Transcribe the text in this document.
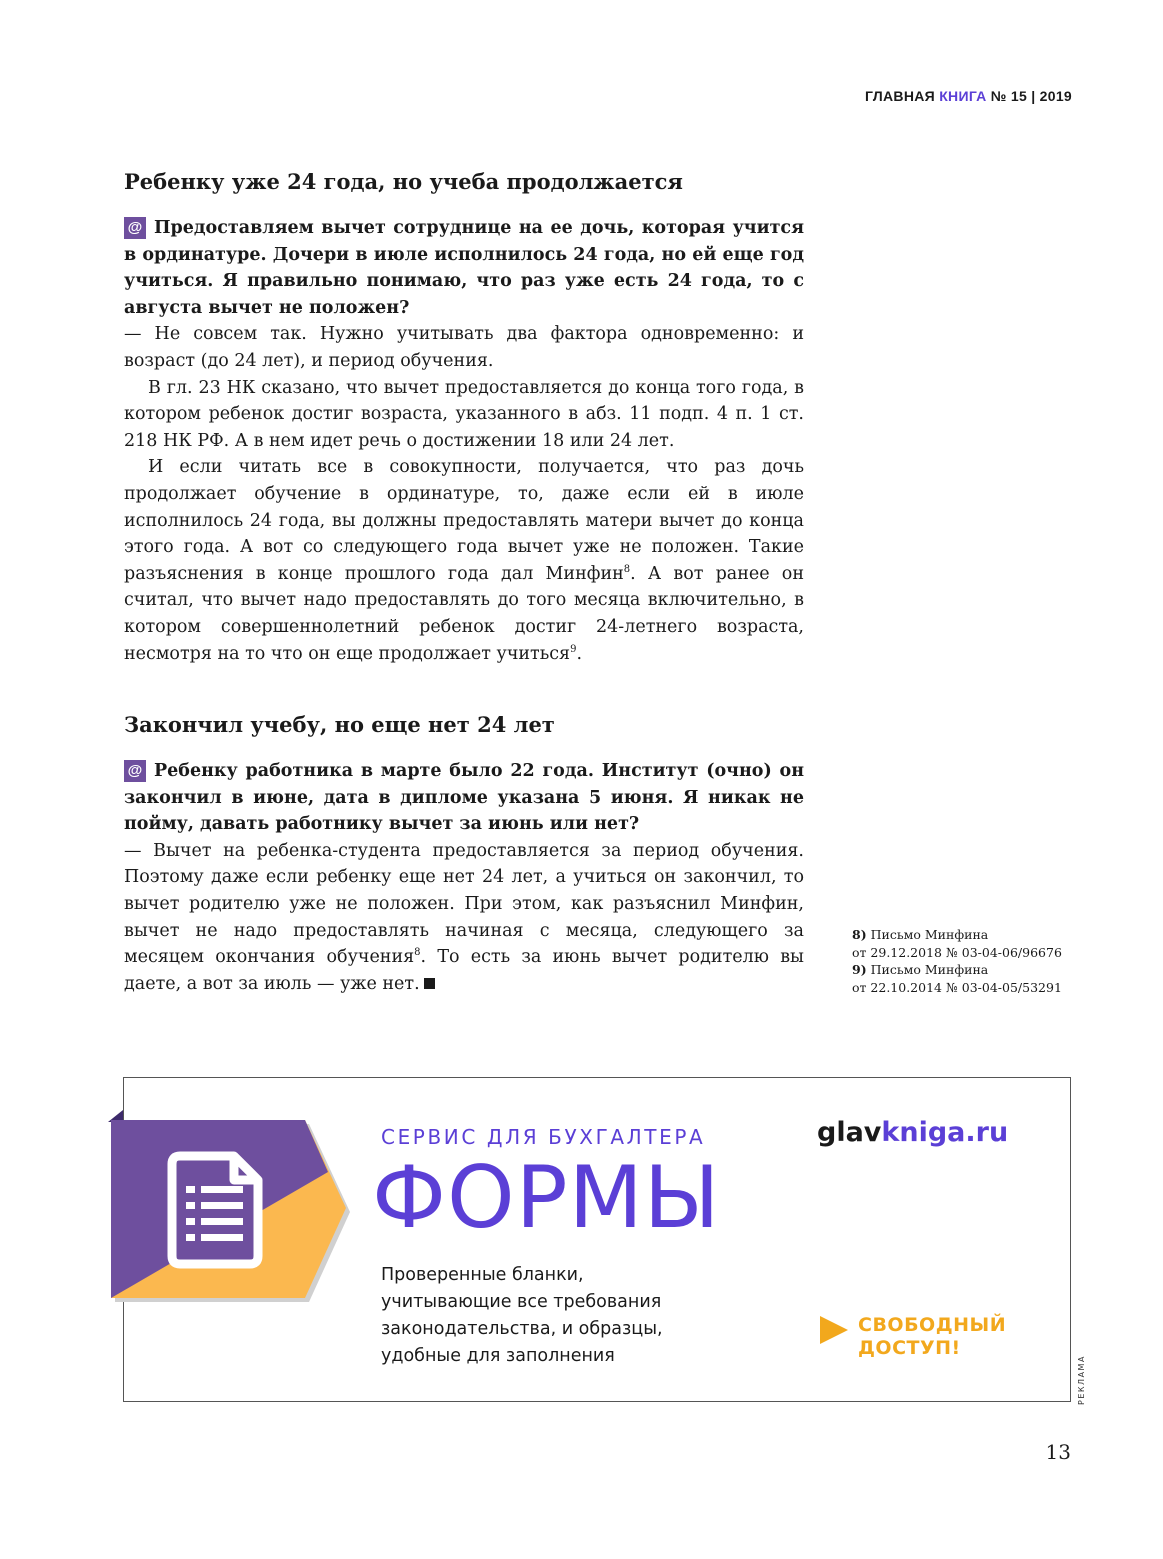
ГЛАВНАЯ КНИГА № 15 | 2019
Ребенку уже 24 года, но учеба продолжается

@ Предоставляем вычет сотруднице на ее дочь, которая учится в ординатуре. Дочери в июле исполнилось 24 года, но ей еще год учиться. Я правильно понимаю, что раз уже есть 24 года, то с августа вычет не положен?

— Не совсем так. Нужно учитывать два фактора одновременно: и возраст (до 24 лет), и период обучения.

В гл. 23 НК сказано, что вычет предоставляется до конца того года, в котором ребенок достиг возраста, указанного в абз. 11 подп. 4 п. 1 ст. 218 НК РФ. А в нем идет речь о достижении 18 или 24 лет.

И если читать все в совокупности, получается, что раз дочь продолжает обучение в ординатуре, то, даже если ей в июле исполнилось 24 года, вы должны предоставлять матери вычет до конца этого года. А вот со следующего года вычет уже не положен. Такие разъяснения в конце прошлого года дал Минфин$^8$. А вот ранее он считал, что вычет надо предоставлять до того месяца включительно, в котором совершеннолетний ребенок достиг 24-летнего возраста, несмотря на то что он еще продолжает учиться$^9$.

Закончил учебу, но еще нет 24 лет

@ Ребенку работника в марте было 22 года. Институт (очно) он закончил в июне, дата в дипломе указана 5 июня. Я никак не пойму, давать работнику вычет за июнь или нет?

— Вычет на ребенка-студента предоставляется за период обучения. Поэтому даже если ребенку еще нет 24 лет, а учиться он закончил, то вычет родителю уже не положен. При этом, как разъяснил Минфин, вычет не надо предоставлять начиная с месяца, следующего за месяцем окончания обучения$^8$. То есть за июнь вычет родителю вы даете, а вот за июль — уже нет.

8) Письмо Минфина
от 29.12.2018 № 03-04-06/96676
9) Письмо Минфина
от 22.10.2014 № 03-04-05/53291
СЕРВИС ДЛЯ БУХГАЛТЕРА
ФОРМЫ
glavkniga.ru
Проверенные бланки,
учитывающие все требования
законодательства, и образцы,
удобные для заполнения
СВОБОДНЫЙ
ДОСТУП!
РЕКЛАМА
13
